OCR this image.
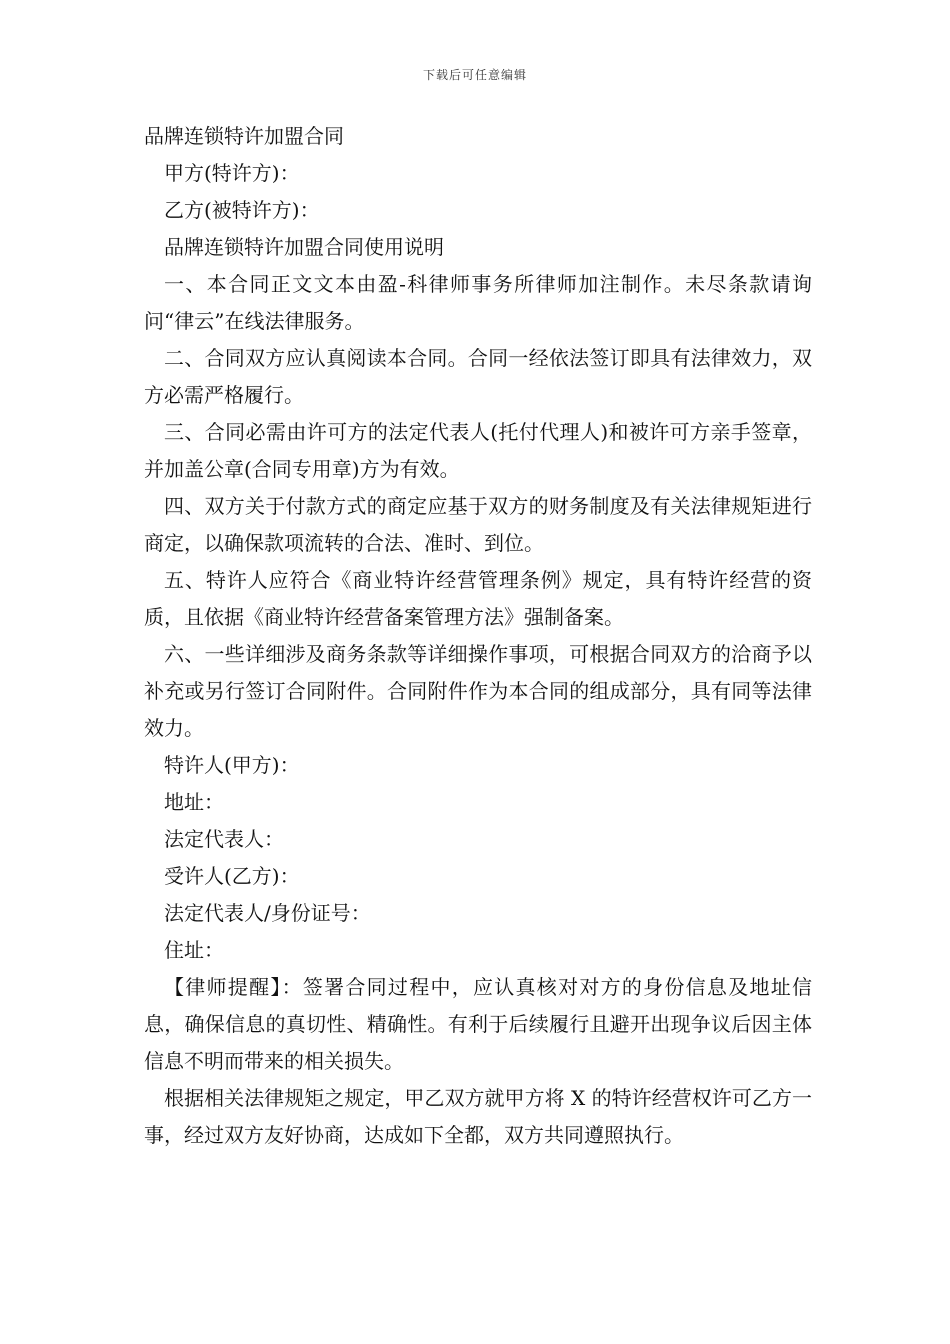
下载后可任意编辑

品牌连锁特许加盟合同

甲方(特许方)：

乙方(被特许方)：

品牌连锁特许加盟合同使用说明

一、本合同正文文本由盈-科律师事务所律师加注制作。未尽条款请询问“律云”在线法律服务。

二、合同双方应认真阅读本合同。合同一经依法签订即具有法律效力，双方必需严格履行。

三、合同必需由许可方的法定代表人(托付代理人)和被许可方亲手签章，并加盖公章(合同专用章)方为有效。

四、双方关于付款方式的商定应基于双方的财务制度及有关法律规矩进行商定，以确保款项流转的合法、准时、到位。

五、特许人应符合《商业特许经营管理条例》规定，具有特许经营的资质，且依据《商业特许经营备案管理方法》强制备案。

六、一些详细涉及商务条款等详细操作事项，可根据合同双方的洽商予以补充或另行签订合同附件。合同附件作为本合同的组成部分，具有同等法律效力。

特许人(甲方)：

地址：

法定代表人：

受许人(乙方)：

法定代表人/身份证号：

住址：

【律师提醒】：签署合同过程中，应认真核对对方的身份信息及地址信息，确保信息的真切性、精确性。有利于后续履行且避开出现争议后因主体信息不明而带来的相关损失。

根据相关法律规矩之规定，甲乙双方就甲方将 X 的特许经营权许可乙方一事，经过双方友好协商，达成如下全都，双方共同遵照执行。
